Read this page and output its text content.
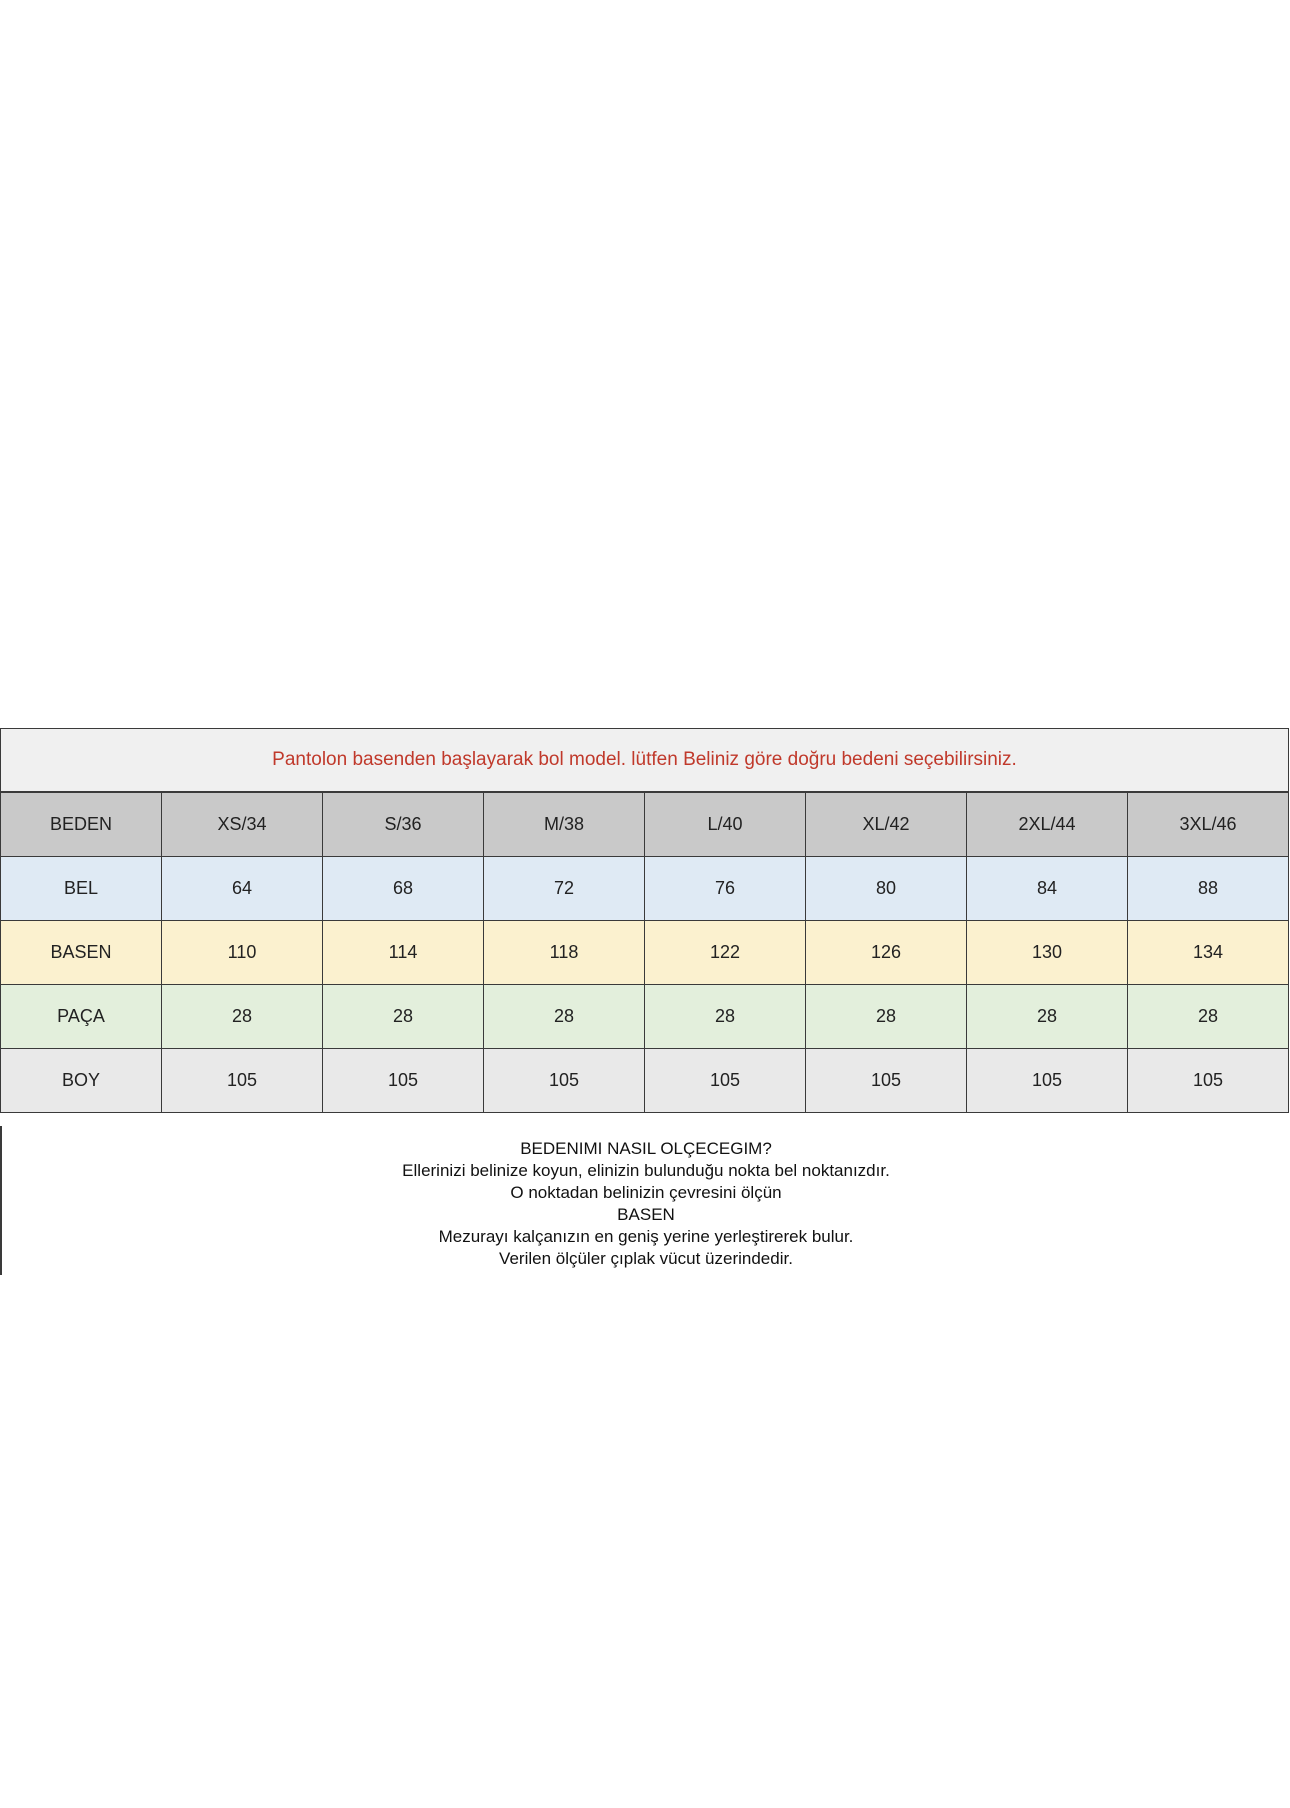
Pantolon basenden başlayarak bol model. lütfen Beliniz göre doğru bedeni seçebilirsiniz.
BEDEN	XS/34	S/36	M/38	L/40	XL/42	2XL/44	3XL/46
BEL	64	68	72	76	80	84	88
BASEN	110	114	118	122	126	130	134
PAÇA	28	28	28	28	28	28	28
BOY	105	105	105	105	105	105	105
BEDENIMI NASIL OLÇECEGIM?
Ellerinizi belinize koyun, elinizin bulunduğu nokta bel noktanızdır.
O noktadan belinizin çevresini ölçün
BASEN
Mezurayı kalçanızın en geniş yerine yerleştirerek bulur.
Verilen ölçüler çıplak vücut üzerindedir.
